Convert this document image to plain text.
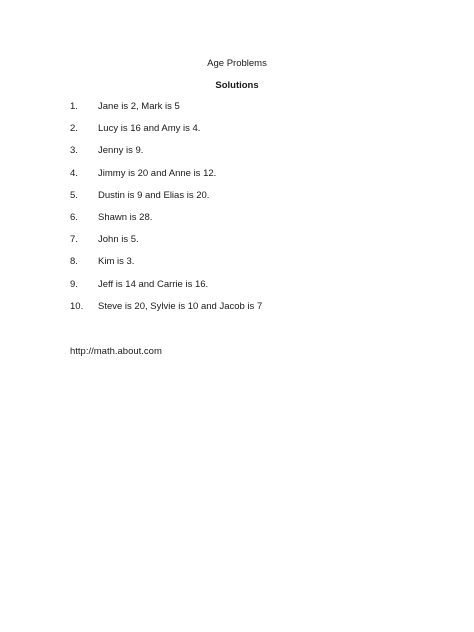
Age Problems
Solutions
1.	Jane is 2, Mark is 5
2.	Lucy is 16 and Amy is 4.
3.	Jenny is 9.
4.	Jimmy is 20 and Anne is 12.
5.	Dustin is 9 and Elias is 20.
6.	Shawn is 28.
7.	John is 5.
8.	Kim is 3.
9.	Jeff is 14 and Carrie is 16.
10.	Steve is 20, Sylvie is 10 and Jacob is 7
http://math.about.com
